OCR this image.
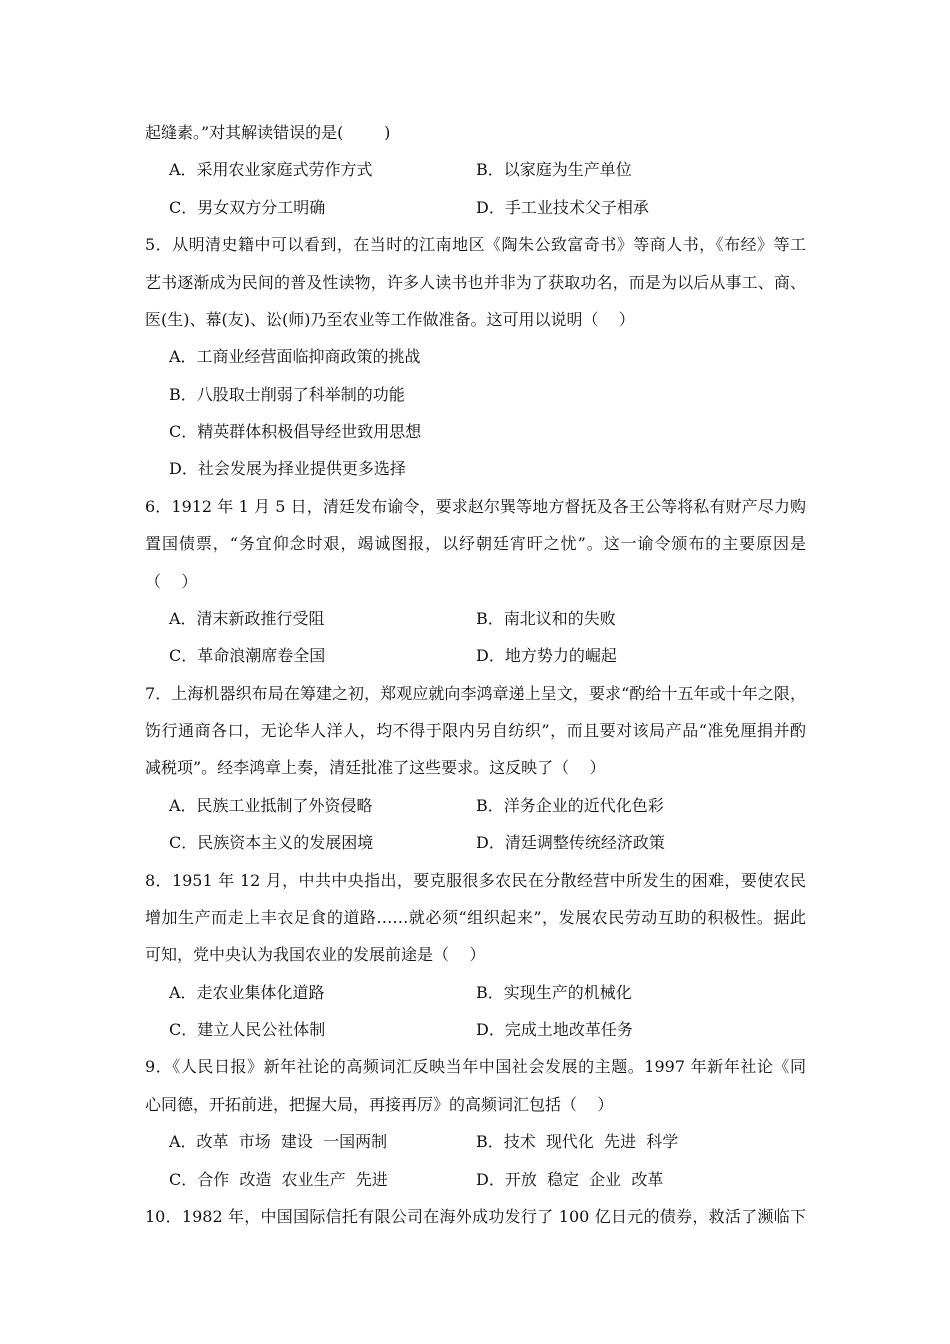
起缝素。”对其解读错误的是(        )
A．采用农业家庭式劳作方式	B．以家庭为生产单位
C．男女双方分工明确	D．手工业技术父子相承
5．从明清史籍中可以看到，在当时的江南地区《陶朱公致富奇书》等商人书，《布经》等工
艺书逐渐成为民间的普及性读物，许多人读书也并非为了获取功名，而是为以后从事工、商、
医(生)、幕(友)、讼(师)乃至农业等工作做准备。这可用以说明（    ）
A．工商业经营面临抑商政策的挑战
B．八股取士削弱了科举制的功能
C．精英群体积极倡导经世致用思想
D．社会发展为择业提供更多选择
6．1912 年 1 月 5 日，清廷发布谕令，要求赵尔巽等地方督抚及各王公等将私有财产尽力购
置国债票，“务宜仰念时艰，竭诚图报，以纾朝廷宵旰之忧”。这一谕令颁布的主要原因是
（    ）
A．清末新政推行受阻	B．南北议和的失败
C．革命浪潮席卷全国	D．地方势力的崛起
7．上海机器织布局在筹建之初，郑观应就向李鸿章递上呈文，要求“酌给十五年或十年之限，
饬行通商各口，无论华人洋人，均不得于限内另自纺织”，而且要对该局产品“准免厘捐并酌
减税项”。经李鸿章上奏，清廷批准了这些要求。这反映了（    ）
A．民族工业抵制了外资侵略	B．洋务企业的近代化色彩
C．民族资本主义的发展困境	D．清廷调整传统经济政策
8．1951 年 12 月，中共中央指出，要克服很多农民在分散经营中所发生的困难，要使农民
增加生产而走上丰衣足食的道路……就必须“组织起来”，发展农民劳动互助的积极性。据此
可知，党中央认为我国农业的发展前途是（    ）
A．走农业集体化道路	B．实现生产的机械化
C．建立人民公社体制	D．完成土地改革任务
9．《人民日报》新年社论的高频词汇反映当年中国社会发展的主题。1997 年新年社论《同
心同德，开拓前进，把握大局，再接再厉》的高频词汇包括（    ）
A．改革  市场  建设  一国两制	B．技术  现代化  先进  科学
C．合作  改造  农业生产  先进	D．开放  稳定  企业  改革
10．1982 年，中国国际信托有限公司在海外成功发行了 100 亿日元的债券，救活了濒临下
